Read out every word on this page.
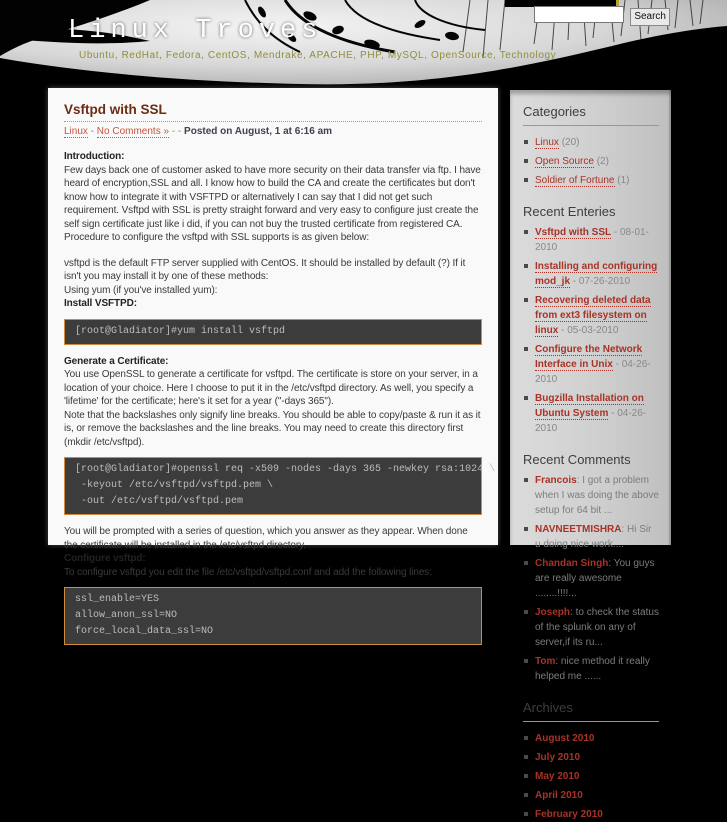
Linux Troves
Ubuntu, RedHat, Fedora, CentOS, Mendrake, APACHE, PHP, MySQL, OpenSource, Technology
Search
Vsftpd with SSL
Linux - No Comments » - - Posted on August, 1 at 6:16 am
Introduction:

Few days back one of customer asked to have more security on their data transfer via ftp. I have heard of encryption,SSL and all. I know how to build the CA and create the certificates but don't know how to integrate it with VSFTPD or alternatively I can say that I did not get such requirement. Vsftpd with SSL is pretty straight forward and very easy to configure just create the self sign certificate just like i did, if you can not buy the trusted certificate from registered CA. Procedure to configure the vsftpd with SSL supports is as given below:

vsftpd is the default FTP server supplied with CentOS. It should be installed by default (?) If it isn't you may install it by one of these methods:

Using yum (if you've installed yum):

Install VSFTPD:
[root@Gladiator]#yum install vsftpd
Generate a Certificate:

You use OpenSSL to generate a certificate for vsftpd. The certificate is store on your server, in a location of your choice. Here I choose to put it in the /etc/vsftpd directory. As well, you specify a 'lifetime' for the certificate; here's it set for a year ("-days 365").

Note that the backslashes only signify line breaks. You should be able to copy/paste & run it as it is, or remove the backslashes and the line breaks. You may need to create this directory first (mkdir /etc/vsftpd).

[root@Gladiator]#openssl req -x509 -nodes -days 365 -newkey rsa:1024 \
-keyout /etc/vsftpd/vsftpd.pem \
-out /etc/vsftpd/vsftpd.pem

You will be prompted with a series of question, which you answer as they appear. When done the certificate will be installed in the /etc/vsftpd directory.

Configure vsftpd:

To configure vsftpd you edit the file /etc/vsftpd/vsftpd.conf and add the following lines:

ssl_enable=YES
allow_anon_ssl=NO
force_local_data_ssl=NO
Categories
Linux (20)
Open Source (2)
Soldier of Fortune (1)
Recent Enteries
Vsftpd with SSL - 08-01-2010
Installing and configuring mod_jk - 07-26-2010
Recovering deleted data from ext3 filesystem on linux - 05-03-2010
Configure the Network Interface in Unix - 04-26-2010
Bugzilla Installation on Ubuntu System - 04-26-2010
Recent Comments
Francois: I got a problem when I was doing the above setup for 64 bit ...
NAVNEETMISHRA: Hi Sir u doing nice work....
Chandan Singh: You guys are really awesome ........!!!!...
Joseph: to check the status of the splunk on any of server,if its ru...
Tom: nice method it really helped me ......
Archives
August 2010
July 2010
May 2010
April 2010
February 2010
